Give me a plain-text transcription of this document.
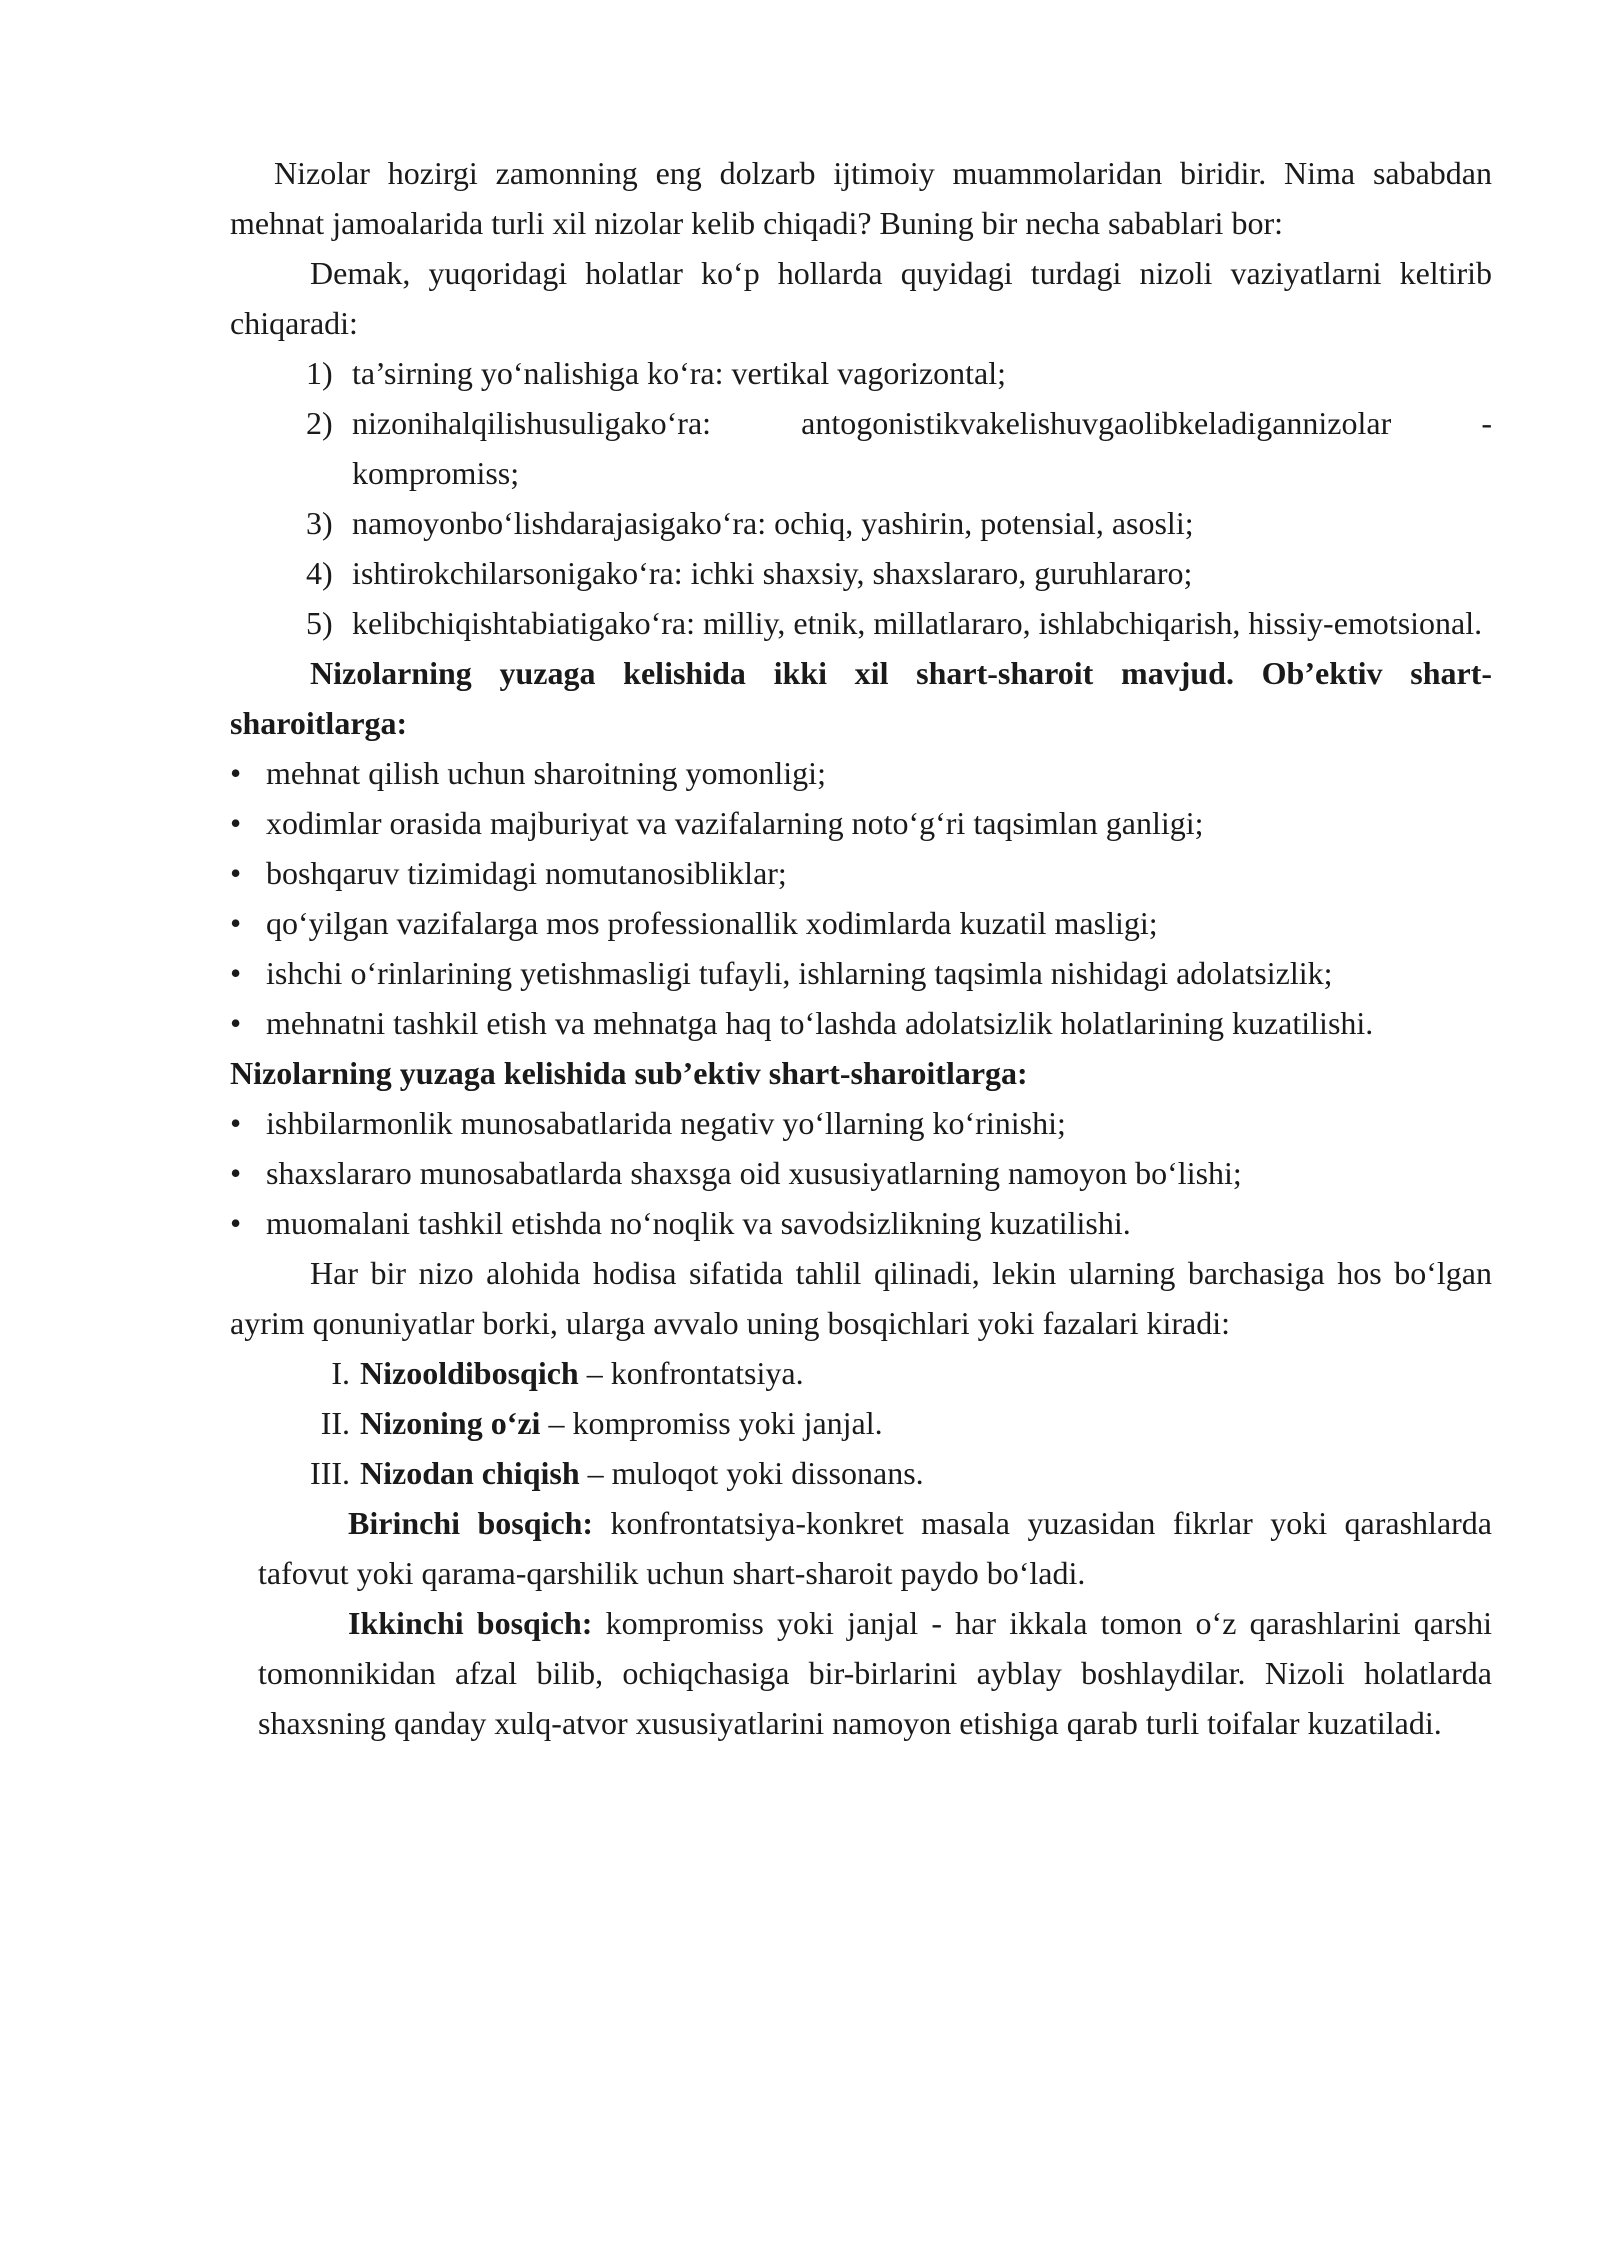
Nizolar hozirgi zamonning eng dolzarb ijtimoiy muammolaridan biridir. Nima sababdan mehnat jamoalarida turli xil nizolar kelib chiqadi? Buning bir necha sabablari bor:

Demak, yuqoridagi holatlar koʻp hollarda quyidagi turdagi nizoli vaziyatlarni keltirib chiqaradi:

1) ta’sirning yoʻnalishiga koʻra: vertikal vagorizontal;
2) nizonihalqilishusuligakoʻra: antogonistikvakelishuvgaolibkeladigannizolar - kompromiss;
3) namoyonboʻlishdarajasigakoʻra: ochiq, yashirin, potensial, asosli;
4) ishtirokchilarsonigakoʻra: ichki shaxsiy, shaxslararo, guruhlararo;
5) kelibchiqishtabiatigakoʻra: milliy, etnik, millatlararo, ishlabchiqarish, hissiy-emotsional.

Nizolarning yuzaga kelishida ikki xil shart-sharoit mavjud. Ob’ektiv shart-sharoitlarga:

• mehnat qilish uchun sharoitning yomonligi;

• xodimlar orasida majburiyat va vazifalarning notoʻgʻri taqsimlan ganligi;

• boshqaruv tizimidagi nomutanosibliklar;

• qoʻyilgan vazifalarga mos professionallik xodimlarda kuzatil masligi;

• ishchi oʻrinlarining yetishmasligi tufayli, ishlarning taqsimla nishidagi adolatsizlik;

• mehnatni tashkil etish va mehnatga haq toʻlashda adolatsizlik holatlarining kuzatilishi.

Nizolarning yuzaga kelishida sub’ektiv shart-sharoitlarga:

• ishbilarmonlik munosabatlarida negativ yoʻllarning koʻrinishi;

• shaxslararo munosabatlarda shaxsga oid xususiyatlarning namoyon boʻlishi;

• muomalani tashkil etishda noʻnoqlik va savodsizlikning kuzatilishi.

Har bir nizo alohida hodisa sifatida tahlil qilinadi, lekin ularning barchasiga hos boʻlgan ayrim qonuniyatlar borki, ularga avvalo uning bosqichlari yoki fazalari kiradi:

I. Nizooldibosqich – konfrontatsiya.
II. Nizoning oʻzi – kompromiss yoki janjal.
III. Nizodan chiqish – muloqot yoki dissonans.

Birinchi bosqich: konfrontatsiya-konkret masala yuzasidan fikrlar yoki qarashlarda tafovut yoki qarama-qarshilik uchun shart-sharoit paydo boʻladi.

Ikkinchi bosqich: kompromiss yoki janjal - har ikkala tomon oʻz qarashlarini qarshi tomonnikidan afzal bilib, ochiqchasiga bir-birlarini ayblay boshlaydilar. Nizoli holatlarda shaxsning qanday xulq-atvor xususiyatlarini namoyon etishiga qarab turli toifalar kuzatiladi.
